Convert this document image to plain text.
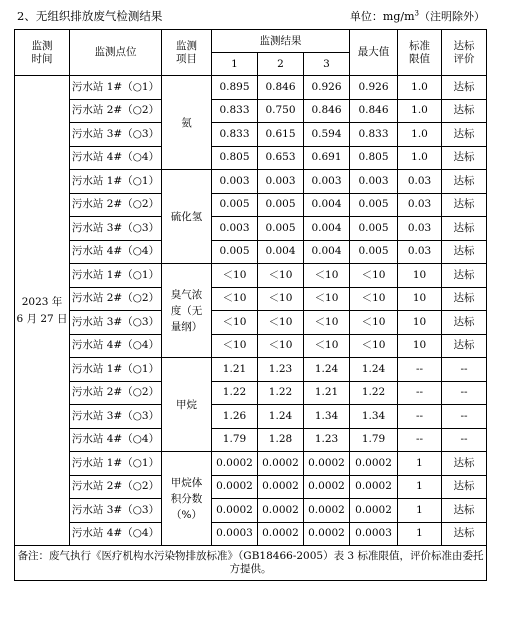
2、无组织排放废气检测结果	单位：$mg/m^3$（注明除外）
监测时间	监测点位	监测项目	监测结果			最大值	标准限值	达标评价
			1	2	3			
2023 年
6 月 27 日	污水站 1#（○1）	氨	0.895	0.846	0.926	0.926	1.0	达标
	污水站 2#（○2）		0.833	0.750	0.846	0.846	1.0	达标
	污水站 3#（○3）		0.833	0.615	0.594	0.833	1.0	达标
	污水站 4#（○4）		0.805	0.653	0.691	0.805	1.0	达标
	污水站 1#（○1）	硫化氢	0.003	0.003	0.003	0.003	0.03	达标
	污水站 2#（○2）		0.005	0.005	0.004	0.005	0.03	达标
	污水站 3#（○3）		0.003	0.005	0.004	0.005	0.03	达标
	污水站 4#（○4）		0.005	0.004	0.004	0.005	0.03	达标
	污水站 1#（○1）	臭气浓度（无量纲）	＜10	＜10	＜10	＜10	10	达标
	污水站 2#（○2）		＜10	＜10	＜10	＜10	10	达标
	污水站 3#（○3）		＜10	＜10	＜10	＜10	10	达标
	污水站 4#（○4）		＜10	＜10	＜10	＜10	10	达标
	污水站 1#（○1）	甲烷	1.21	1.23	1.24	1.24	--	--
	污水站 2#（○2）		1.22	1.22	1.21	1.22	--	--
	污水站 3#（○3）		1.26	1.24	1.34	1.34	--	--
	污水站 4#（○4）		1.79	1.28	1.23	1.79	--	--
	污水站 1#（○1）	甲烷体积分数（%）	0.0002	0.0002	0.0002	0.0002	1	达标
	污水站 2#（○2）		0.0002	0.0002	0.0002	0.0002	1	达标
	污水站 3#（○3）		0.0002	0.0002	0.0002	0.0002	1	达标
	污水站 4#（○4）		0.0003	0.0002	0.0002	0.0003	1	达标
备注：废气执行《医疗机构水污染物排放标准》（GB18466-2005）表 3 标准限值，评价标准由委托方提供。								
